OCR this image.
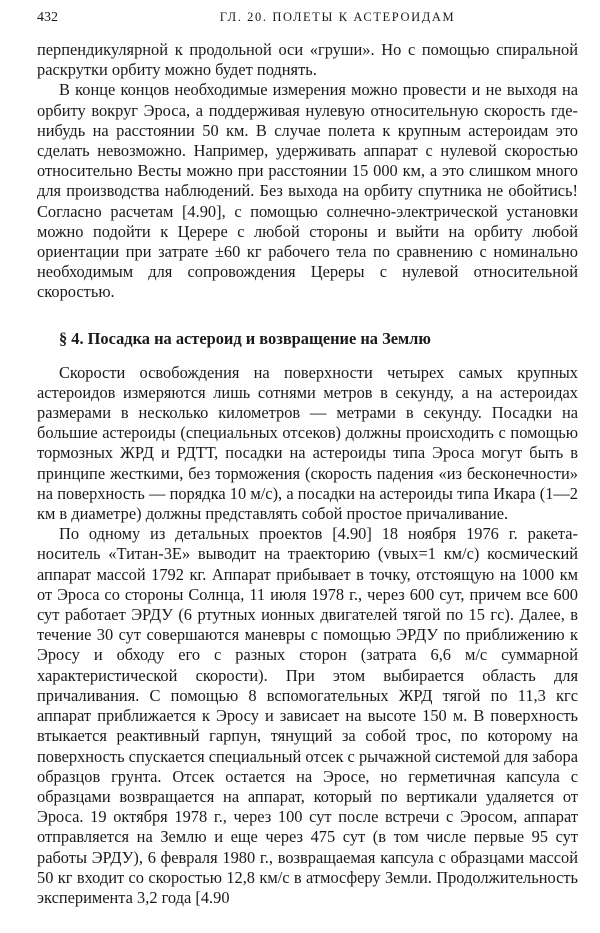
432	ГЛ. 20. ПОЛЕТЫ К АСТЕРОИДАМ

перпендикулярной к продольной оси «груши». Но с помощью спиральной раскрутки орбиту можно будет поднять.

В конце концов необходимые измерения можно провести и не выходя на орбиту вокруг Эроса, а поддерживая нулевую относительную скорость где-нибудь на расстоянии 50 км. В случае полета к крупным астероидам это сделать невозможно. Например, удерживать аппарат с нулевой скоростью относительно Весты можно при расстоянии 15 000 км, а это слишком много для производства наблюдений. Без выхода на орбиту спутника не обойтись! Согласно расчетам [4.90], с помощью солнечно-электрической установки можно подойти к Церере с любой стороны и выйти на орбиту любой ориентации при затрате ±60 кг рабочего тела по сравнению с номинально необходимым для сопровождения Цереры с нулевой относительной скоростью.

§ 4. Посадка на астероид и возвращение на Землю

Скорости освобождения на поверхности четырех самых крупных астероидов измеряются лишь сотнями метров в секунду, а на астероидах размерами в несколько километров — метрами в секунду. Посадки на большие астероиды (специальных отсеков) должны происходить с помощью тормозных ЖРД и РДТТ, посадки на астероиды типа Эроса могут быть в принципе жесткими, без торможения (скорость падения «из бесконечности» на поверхность — порядка 10 м/с), а посадки на астероиды типа Икара (1—2 км в диаметре) должны представлять собой простое причаливание.

По одному из детальных проектов [4.90] 18 ноября 1976 г. ракета-носитель «Титан-3Е» выводит на траекторию (vвых=1 км/с) космический аппарат массой 1792 кг. Аппарат прибывает в точку, отстоящую на 1000 км от Эроса со стороны Солнца, 11 июля 1978 г., через 600 сут, причем все 600 сут работает ЭРДУ (6 ртутных ионных двигателей тягой по 15 гс). Далее, в течение 30 сут совершаются маневры с помощью ЭРДУ по приближению к Эросу и обходу его с разных сторон (затрата 6,6 м/с суммарной характеристической скорости). При этом выбирается область для причаливания. С помощью 8 вспомогательных ЖРД тягой по 11,3 кгс аппарат приближается к Эросу и зависает на высоте 150 м. В поверхность втыкается реактивный гарпун, тянущий за собой трос, по которому на поверхность спускается специальный отсек с рычажной системой для забора образцов грунта. Отсек остается на Эросе, но герметичная капсула с образцами возвращается на аппарат, который по вертикали удаляется от Эроса. 19 октября 1978 г., через 100 сут после встречи с Эросом, аппарат отправляется на Землю и еще через 475 сут (в том числе первые 95 сут работы ЭРДУ), 6 февраля 1980 г., возвращаемая капсула с образцами массой 50 кг входит со скоростью 12,8 км/с в атмосферу Земли. Продолжительность эксперимента 3,2 года [4.90
